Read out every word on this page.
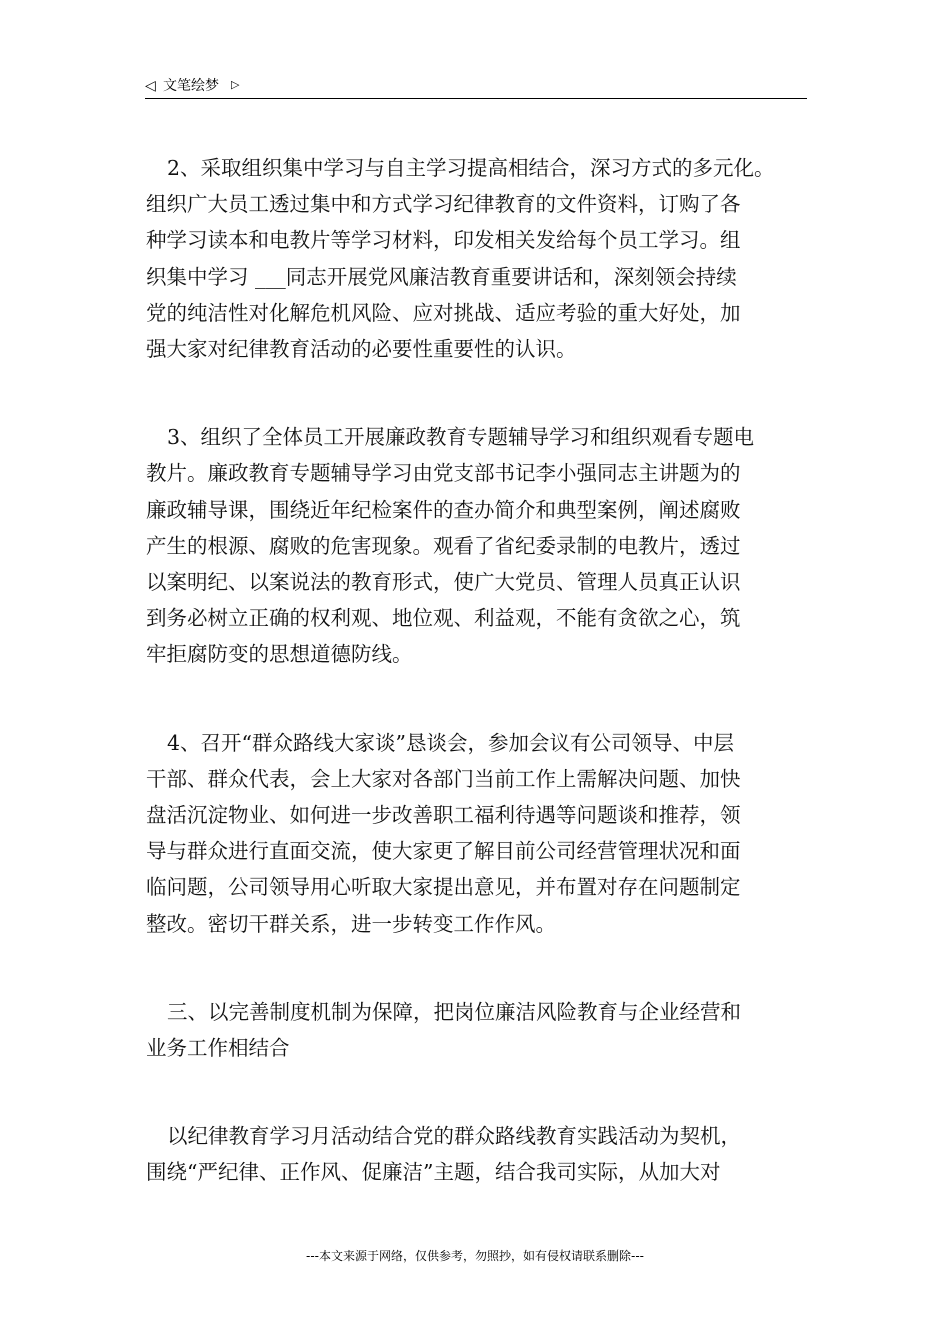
◁ 文笔绘梦 ▷
2、采取组织集中学习与自主学习提高相结合，深习方式的多元化。
组织广大员工透过集中和方式学习纪律教育的文件资料，订购了各
种学习读本和电教片等学习材料，印发相关发给每个员工学习。组
织集中学习 ___同志开展党风廉洁教育重要讲话和，深刻领会持续
党的纯洁性对化解危机风险、应对挑战、适应考验的重大好处，加
强大家对纪律教育活动的必要性重要性的认识。
3、组织了全体员工开展廉政教育专题辅导学习和组织观看专题电
教片。廉政教育专题辅导学习由党支部书记李小强同志主讲题为的
廉政辅导课，围绕近年纪检案件的查办简介和典型案例，阐述腐败
产生的根源、腐败的危害现象。观看了省纪委录制的电教片，透过
以案明纪、以案说法的教育形式，使广大党员、管理人员真正认识
到务必树立正确的权利观、地位观、利益观，不能有贪欲之心，筑
牢拒腐防变的思想道德防线。
4、召开“群众路线大家谈”恳谈会，参加会议有公司领导、中层
干部、群众代表，会上大家对各部门当前工作上需解决问题、加快
盘活沉淀物业、如何进一步改善职工福利待遇等问题谈和推荐，领
导与群众进行直面交流，使大家更了解目前公司经营管理状况和面
临问题，公司领导用心听取大家提出意见，并布置对存在问题制定
整改。密切干群关系，进一步转变工作作风。
三、以完善制度机制为保障，把岗位廉洁风险教育与企业经营和
业务工作相结合
以纪律教育学习月活动结合党的群众路线教育实践活动为契机，
围绕“严纪律、正作风、促廉洁”主题，结合我司实际，从加大对
---本文来源于网络，仅供参考，勿照抄，如有侵权请联系删除---
